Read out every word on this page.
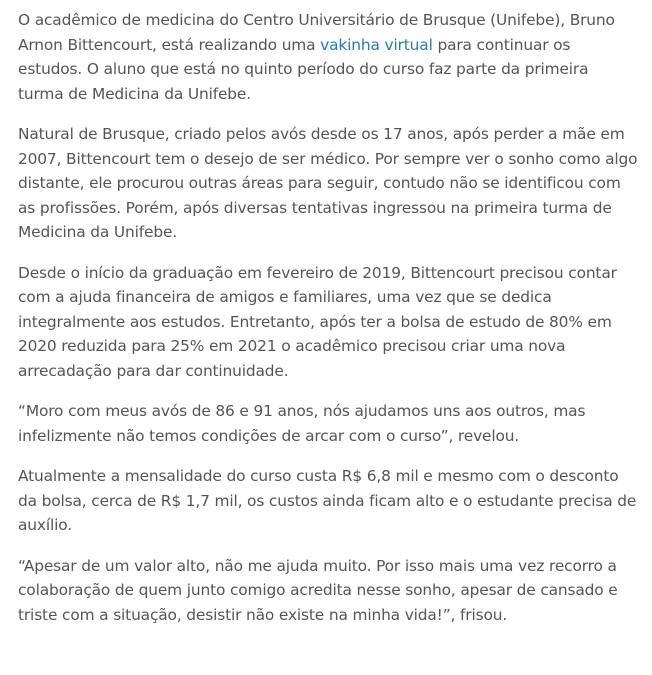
O acadêmico de medicina do Centro Universitário de Brusque (Unifebe), Bruno Arnon Bittencourt, está realizando uma vakinha virtual para continuar os estudos. O aluno que está no quinto período do curso faz parte da primeira turma de Medicina da Unifebe.

Natural de Brusque, criado pelos avós desde os 17 anos, após perder a mãe em 2007, Bittencourt tem o desejo de ser médico. Por sempre ver o sonho como algo distante, ele procurou outras áreas para seguir, contudo não se identificou com as profissões. Porém, após diversas tentativas ingressou na primeira turma de Medicina da Unifebe.

Desde o início da graduação em fevereiro de 2019, Bittencourt precisou contar com a ajuda financeira de amigos e familiares, uma vez que se dedica integralmente aos estudos. Entretanto, após ter a bolsa de estudo de 80% em 2020 reduzida para 25% em 2021 o acadêmico precisou criar uma nova arrecadação para dar continuidade.

“Moro com meus avós de 86 e 91 anos, nós ajudamos uns aos outros, mas infelizmente não temos condições de arcar com o curso”, revelou.

Atualmente a mensalidade do curso custa R$ 6,8 mil e mesmo com o desconto da bolsa, cerca de R$ 1,7 mil, os custos ainda ficam alto e o estudante precisa de auxílio.

“Apesar de um valor alto, não me ajuda muito. Por isso mais uma vez recorro a colaboração de quem junto comigo acredita nesse sonho, apesar de cansado e triste com a situação, desistir não existe na minha vida!”, frisou.
